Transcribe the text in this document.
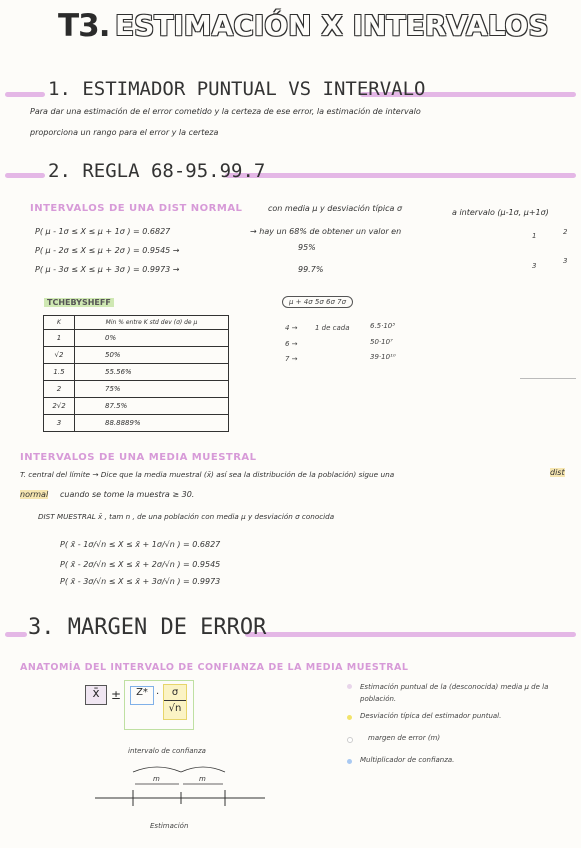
T3. ESTIMACIÓN X INTERVALOS
1. ESTIMADOR PUNTUAL VS INTERVALO
Para dar una estimación de el error cometido y la certeza de ese error, la estimación de intervalo
proporciona un rango para el error y la certeza
2. REGLA 68-95.99.7
INTERVALOS DE UNA DIST NORMAL	con media μ y desviación típica σ	a intervalo (μ-1σ, μ+1σ)
P( μ - 1σ ≤ X ≤ μ + 1σ ) = 0.6827	→ hay un 68% de obtener un valor en	1	2
P( μ - 2σ ≤ X ≤ μ + 2σ ) = 0.9545 →	95%
P( μ - 3σ ≤ X ≤ μ + 3σ ) = 0.9973 →	99.7%	3
3
TCHEBYSHEFF
K	Min % entre K std dev (σ) de μ
1	0%
√2	50%
1.5	55.56%
2	75%
2√2	87.5%
3	88.8889%
μ + 4σ 5σ 6σ 7σ
4 → 1 de cada	6.5·10³
6 →	50·10⁷
7 →	39·10¹⁰
INTERVALOS DE UNA MEDIA MUESTRAL
T. central del límite → Dice que la media muestral (x̄) así sea la distribución de la población) sigue una	dist
normal cuando se tome la muestra ≥ 30.
DIST MUESTRAL x̄ , tam n , de una población con media μ y desviación σ conocida
P( x̄ - 1σ/√n ≤ X ≤ x̄ + 1σ/√n ) = 0.6827
P( x̄ - 2σ/√n ≤ X ≤ x̄ + 2σ/√n ) = 0.9545
P( x̄ - 3σ/√n ≤ X ≤ x̄ + 3σ/√n ) = 0.9973
3. MARGEN DE ERROR
ANATOMÍA DEL INTERVALO DE CONFIANZA DE LA MEDIA MUESTRAL
x̄ ±	Z* ·	σ
√n
Estimación puntual de la (desconocida) media μ de la población.
Desviación típica del estimador puntual.
margen de error (m)
Multiplicador de confianza.
intervalo de confianza
m	m
Estimación
